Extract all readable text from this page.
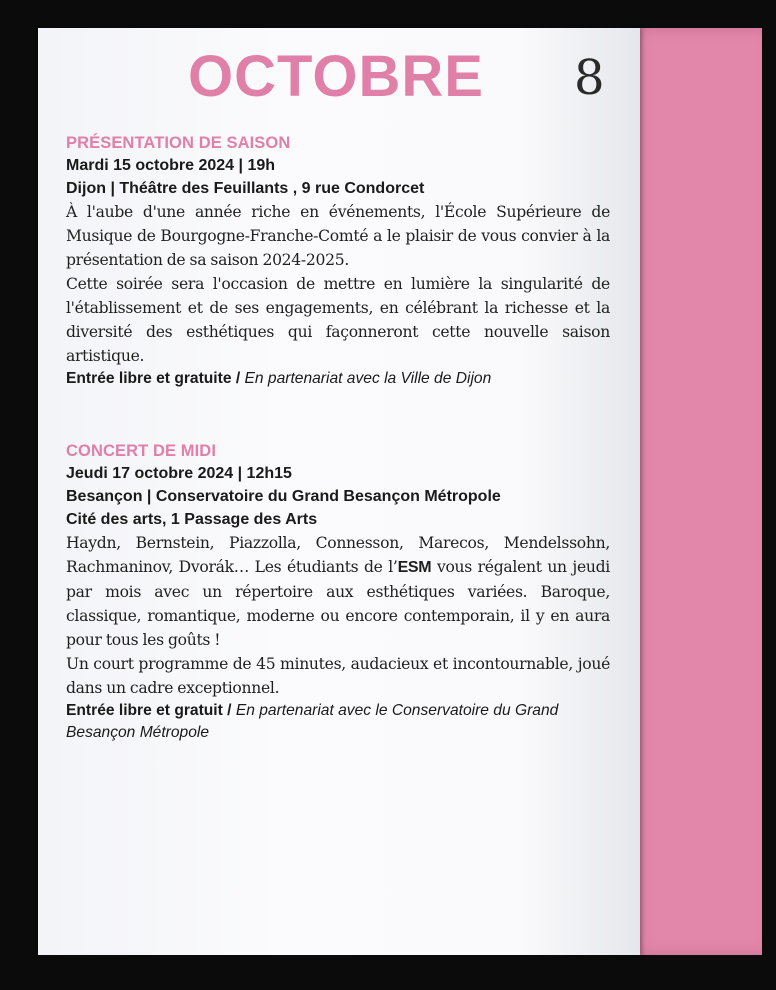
OCTOBRE 8
PRÉSENTATION DE SAISON
Mardi 15 octobre 2024 | 19h
Dijon | Théâtre des Feuillants , 9 rue Condorcet

À l'aube d'une année riche en événements, l'École Supérieure de Musique de Bourgogne-Franche-Comté a le plaisir de vous convier à la présentation de sa saison 2024-2025.

Cette soirée sera l'occasion de mettre en lumière la singularité de l'établissement et de ses engagements, en célébrant la richesse et la diversité des esthétiques qui façonneront cette nouvelle saison artistique.

Entrée libre et gratuite / En partenariat avec la Ville de Dijon
CONCERT DE MIDI
Jeudi 17 octobre 2024 | 12h15
Besançon | Conservatoire du Grand Besançon Métropole
Cité des arts, 1 Passage des Arts

Haydn, Bernstein, Piazzolla, Connesson, Marecos, Mendelssohn, Rachmaninov, Dvorák… Les étudiants de l’ESM vous régalent un jeudi par mois avec un répertoire aux esthétiques variées. Baroque, classique, romantique, moderne ou encore contemporain, il y en aura pour tous les goûts !

Un court programme de 45 minutes, audacieux et incontournable, joué dans un cadre exceptionnel.

Entrée libre et gratuit / En partenariat avec le Conservatoire du Grand Besançon Métropole
